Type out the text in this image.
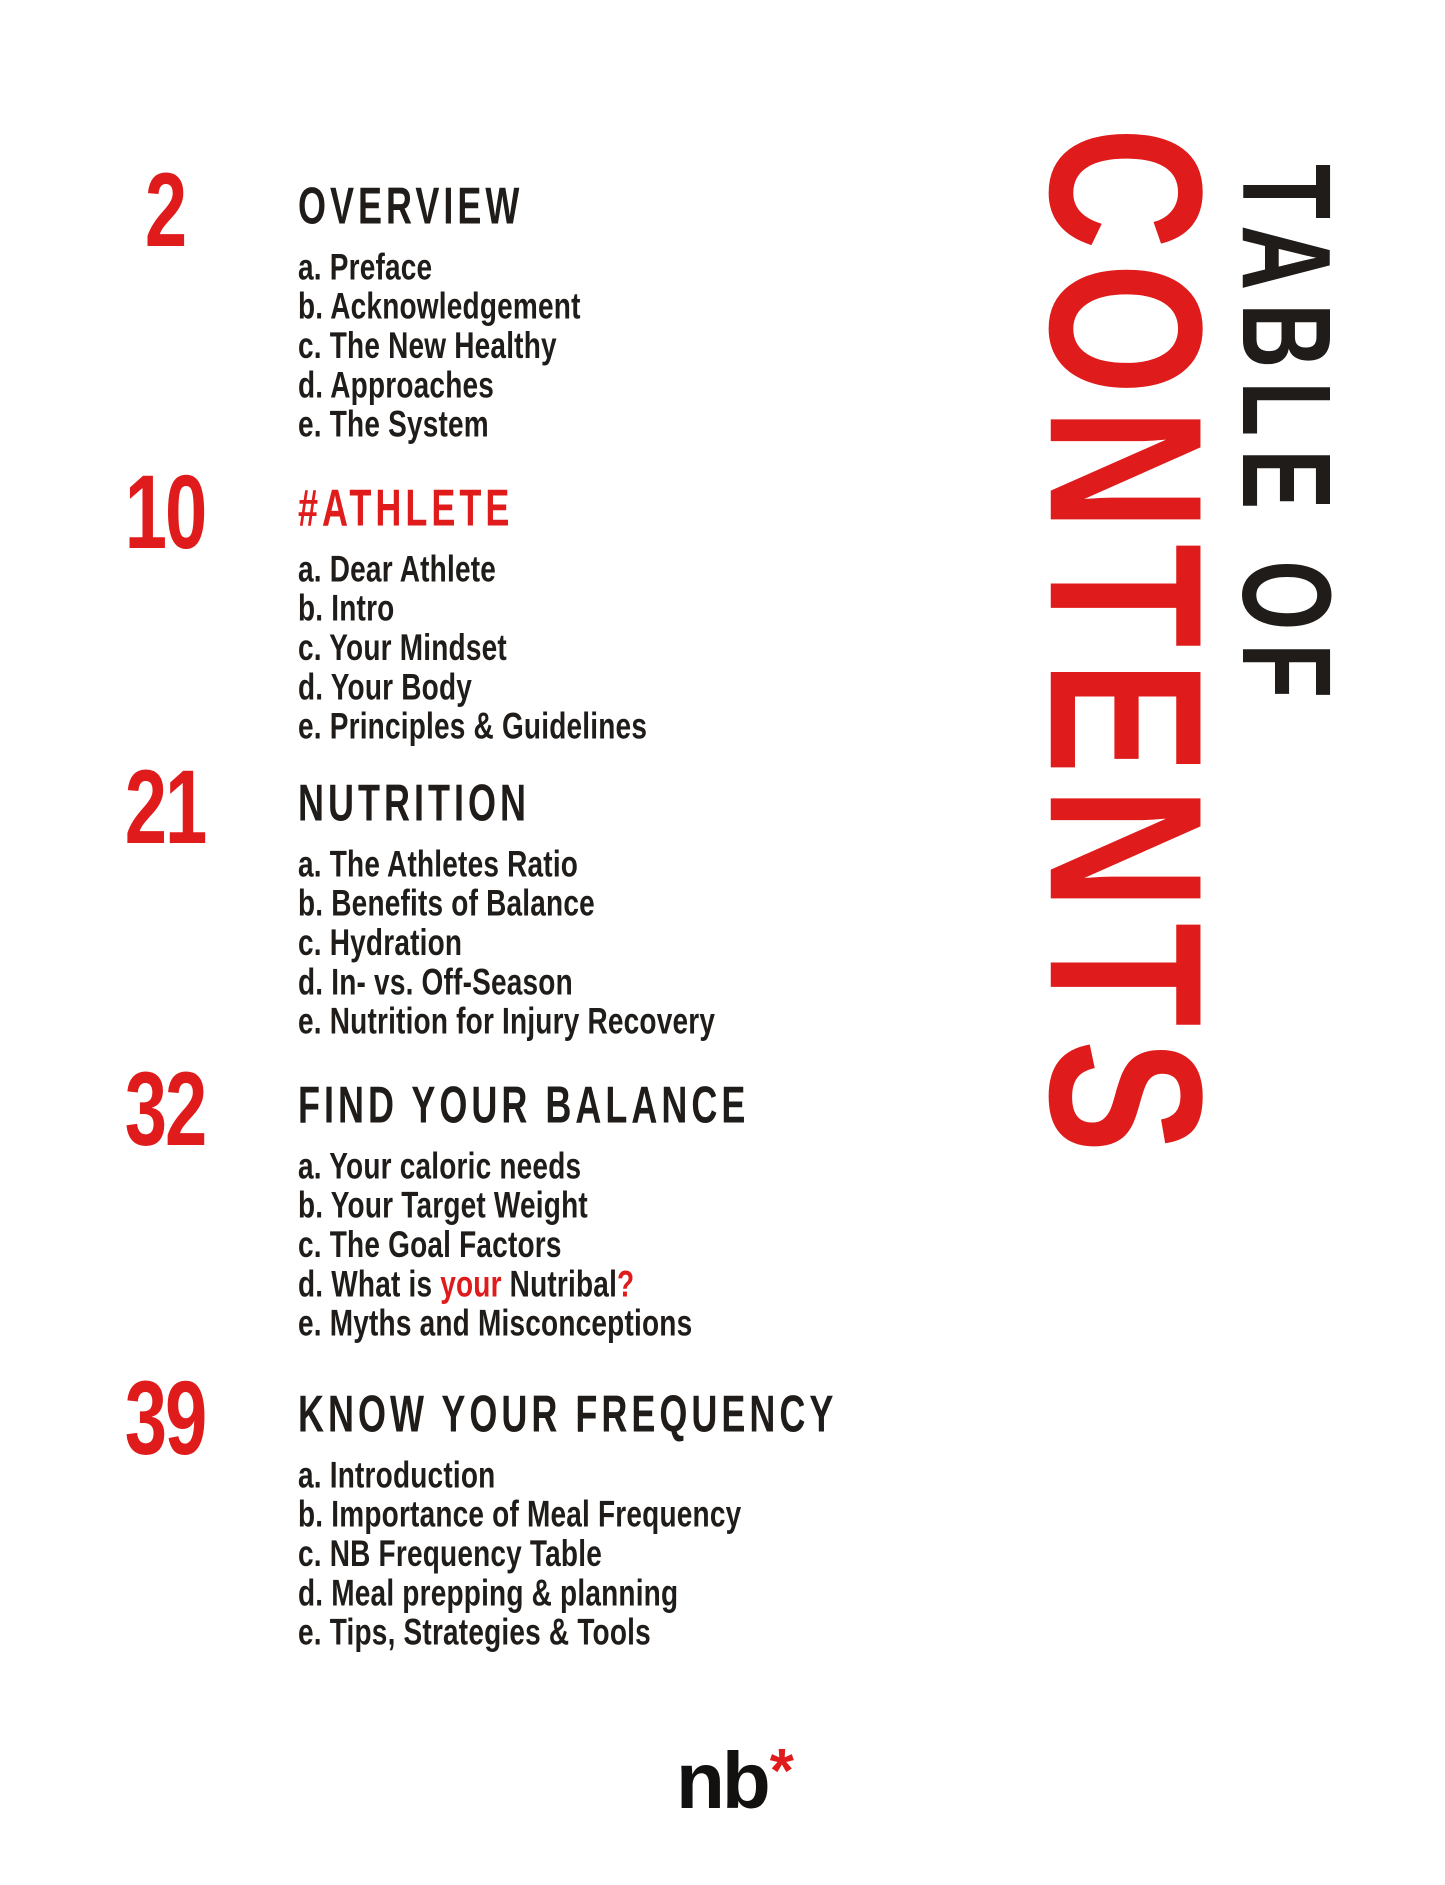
CONTENTS
TABLE OF
2	OVERVIEW
a. Preface
b. Acknowledgement
c. The New Healthy
d. Approaches
e. The System
10	#ATHLETE
a. Dear Athlete
b. Intro
c. Your Mindset
d. Your Body
e. Principles & Guidelines
21	NUTRITION
a. The Athletes Ratio
b. Benefits of Balance
c. Hydration
d. In- vs. Off-Season
e. Nutrition for Injury Recovery
32	FIND YOUR BALANCE
a. Your caloric needs
b. Your Target Weight
c. The Goal Factors
d. What is your Nutribal?
e. Myths and Misconceptions
39	KNOW YOUR FREQUENCY
a. Introduction
b. Importance of Meal Frequency
c. NB Frequency Table
d. Meal prepping & planning
e. Tips, Strategies & Tools
nb*
